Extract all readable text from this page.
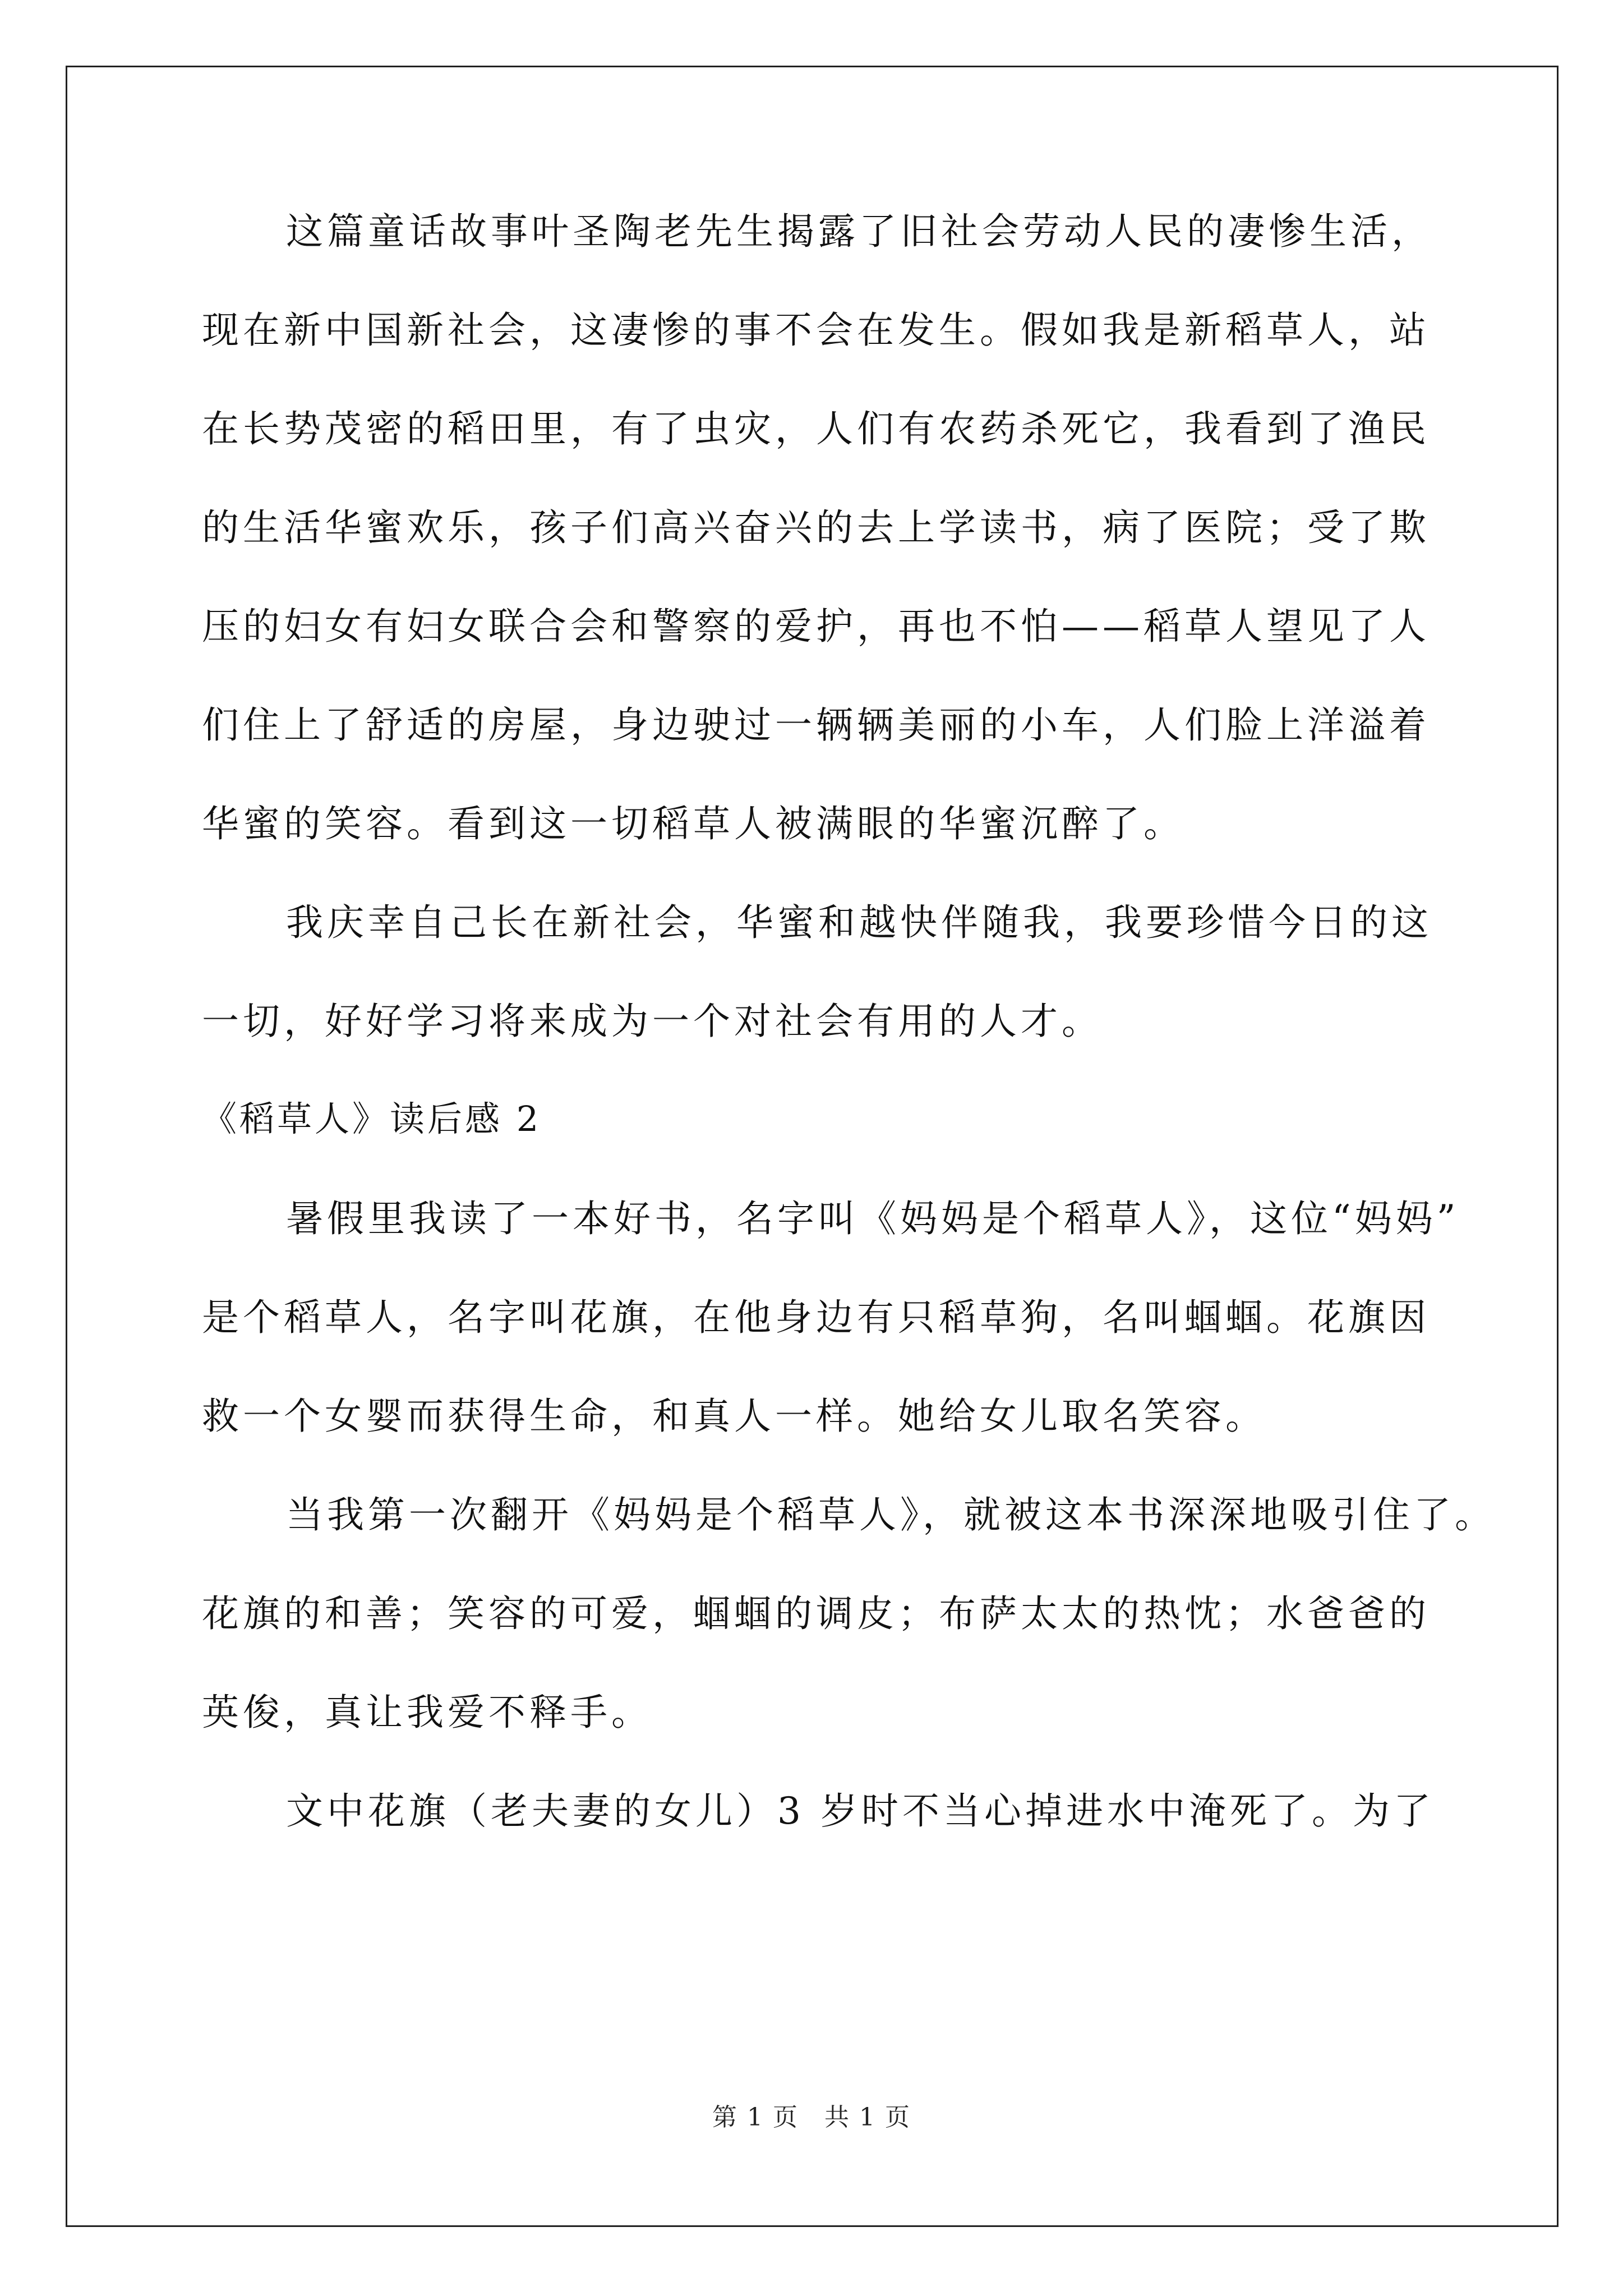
这篇童话故事叶圣陶老先生揭露了旧社会劳动人民的凄惨生活，

现在新中国新社会，这凄惨的事不会在发生。假如我是新稻草人，站

在长势茂密的稻田里，有了虫灾，人们有农药杀死它，我看到了渔民

的生活华蜜欢乐，孩子们高兴奋兴的去上学读书，病了医院；受了欺

压的妇女有妇女联合会和警察的爱护，再也不怕——稻草人望见了人

们住上了舒适的房屋，身边驶过一辆辆美丽的小车，人们脸上洋溢着

华蜜的笑容。看到这一切稻草人被满眼的华蜜沉醉了。

我庆幸自己长在新社会，华蜜和越快伴随我，我要珍惜今日的这

一切，好好学习将来成为一个对社会有用的人才。

《稻草人》读后感 2

暑假里我读了一本好书，名字叫《妈妈是个稻草人》，这位“妈妈”

是个稻草人，名字叫花旗，在他身边有只稻草狗，名叫蝈蝈。花旗因

救一个女婴而获得生命，和真人一样。她给女儿取名笑容。

当我第一次翻开《妈妈是个稻草人》，就被这本书深深地吸引住了。

花旗的和善；笑容的可爱，蝈蝈的调皮；布萨太太的热忱；水爸爸的

英俊，真让我爱不释手。

文中花旗（老夫妻的女儿）3 岁时不当心掉进水中淹死了。为了

第 1 页　共 1 页
